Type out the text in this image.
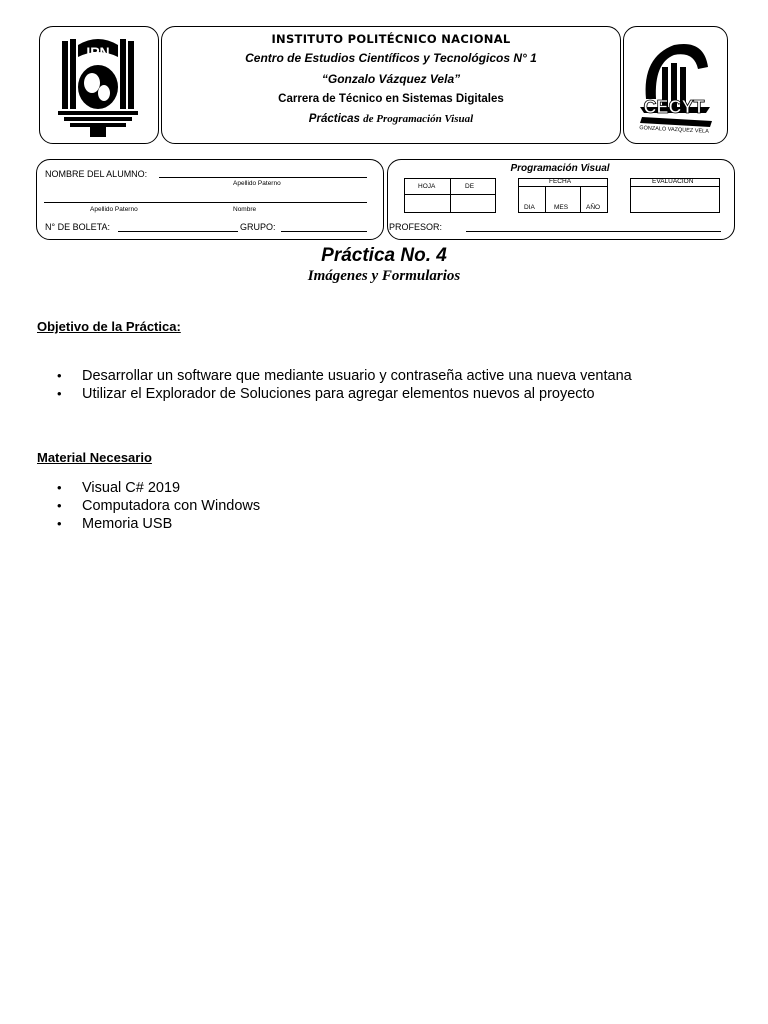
IPN
INSTITUTO POLITÉCNICO NACIONAL
Centro de Estudios Científicos y Tecnológicos N° 1
“Gonzalo Vázquez Vela”
Carrera de Técnico en Sistemas Digitales
Prácticas de Programación Visual
CECYT
GONZALO VAZQUEZ VELA
NOMBRE DEL ALUMNO:
Apellido Paterno
Apellido Paterno	Nombre
N° DE BOLETA:	GRUPO:
Programación Visual
HOJA	DE
FECHA
DIA	MES	AÑO
EVALUACION
PROFESOR:
Práctica No. 4
Imágenes y Formularios
Objetivo de la Práctica:
• Desarrollar un software que mediante usuario y contraseña active una nueva ventana
• Utilizar el Explorador de Soluciones para agregar elementos nuevos al proyecto
Material Necesario
• Visual C# 2019
• Computadora con Windows
• Memoria USB
